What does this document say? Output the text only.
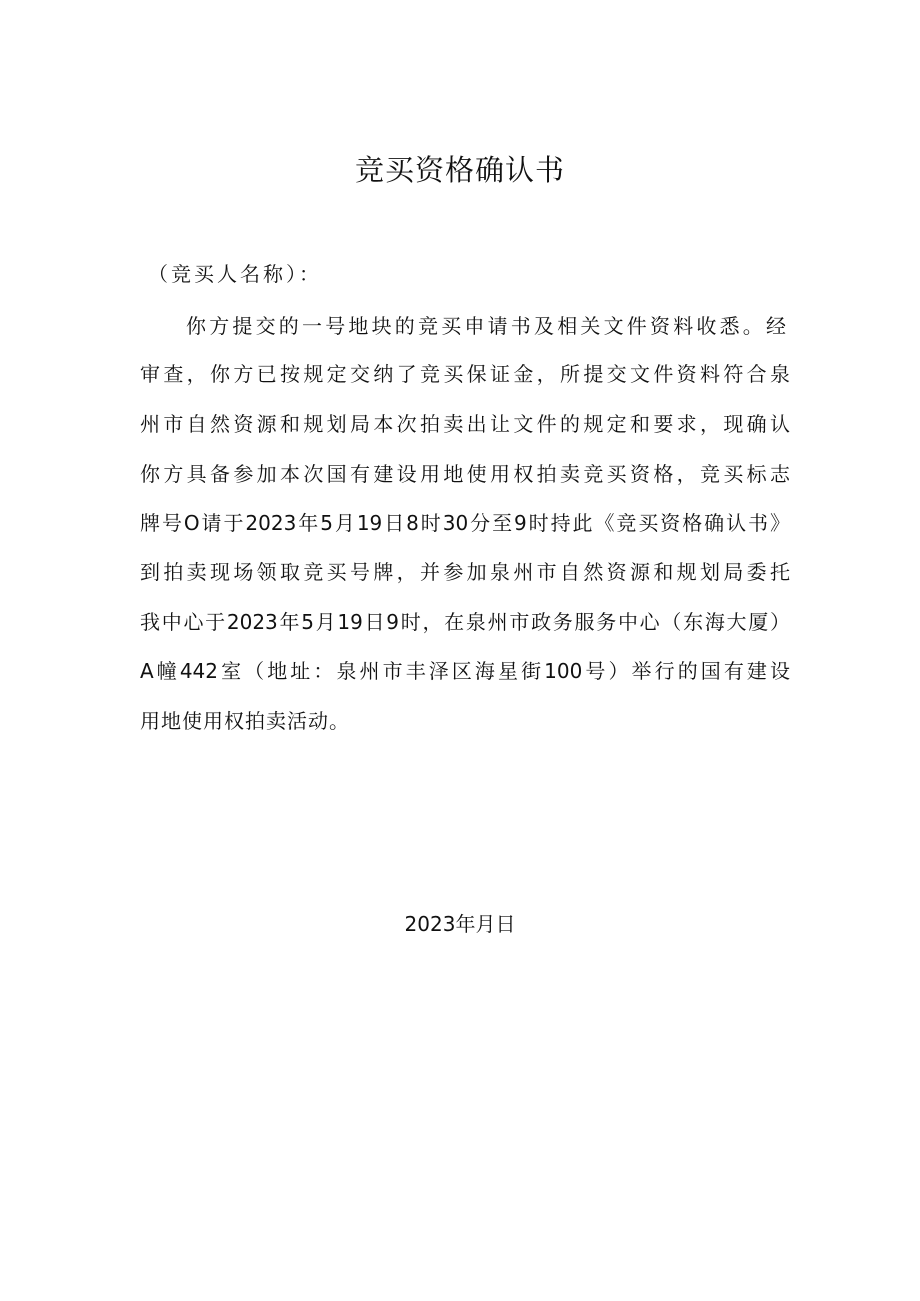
竞买资格确认书
（竞买人名称）：
你方提交的一号地块的竞买申请书及相关文件资料收悉。经
审查，你方已按规定交纳了竞买保证金，所提交文件资料符合泉
州市自然资源和规划局本次拍卖出让文件的规定和要求，现确认
你方具备参加本次国有建设用地使用权拍卖竞买资格，竞买标志
牌号O请于2023年5月19日8时30分至9时持此《竞买资格确认书》
到拍卖现场领取竞买号牌，并参加泉州市自然资源和规划局委托
我中心于2023年5月19日9时，在泉州市政务服务中心（东海大厦）
A幢442室（地址：泉州市丰泽区海星街100号）举行的国有建设
用地使用权拍卖活动。
2023年月日
